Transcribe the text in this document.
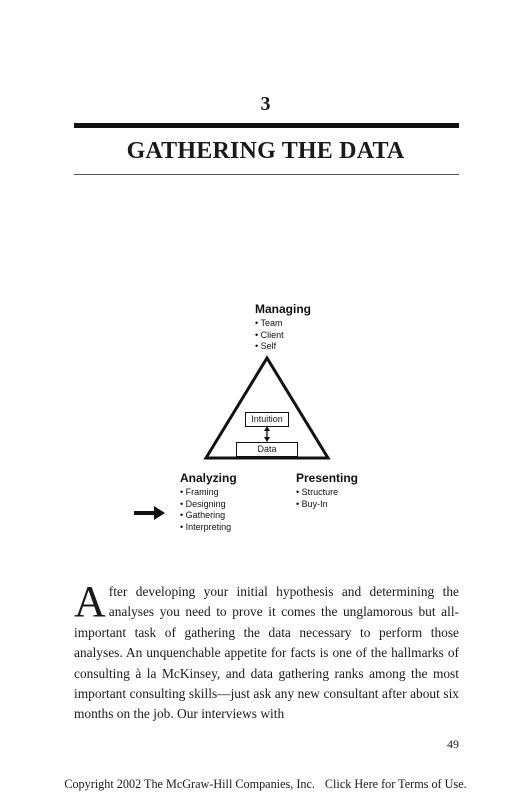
3
GATHERING THE DATA
Managing
• Team
• Client
• Self
Intuition
Data
Analyzing
• Framing
• Designing
• Gathering
• Interpreting
Presenting
• Structure
• Buy-In

After developing your initial hypothesis and determining the analyses you need to prove it comes the unglamorous but all-important task of gathering the data necessary to perform those analyses. An unquenchable appetite for facts is one of the hallmarks of consulting à la McKinsey, and data gathering ranks among the most important consulting skills—just ask any new consultant after about six months on the job. Our interviews with

49
Copyright 2002 The McGraw-Hill Companies, Inc. Click Here for Terms of Use.
